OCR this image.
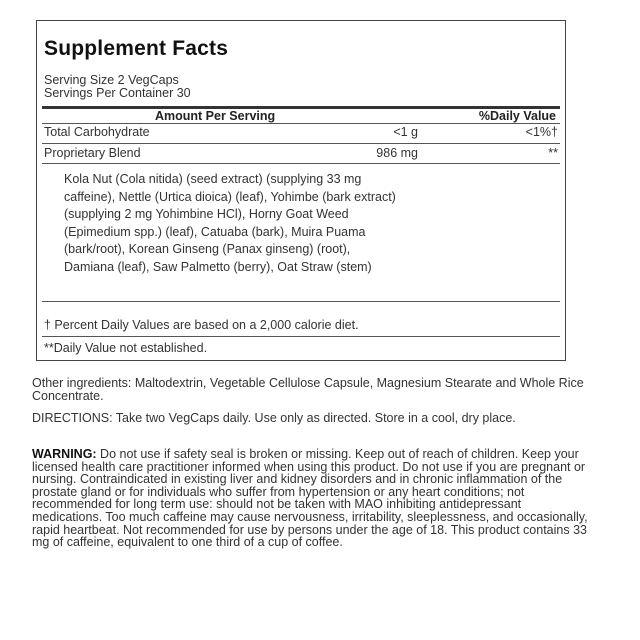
Supplement Facts
Serving Size 2 VegCaps
Servings Per Container 30
Amount Per Serving	%Daily Value
Total Carbohydrate	<1 g	<1%†
Proprietary Blend	986 mg	**
Kola Nut (Cola nitida) (seed extract) (supplying 33 mg caffeine), Nettle (Urtica dioica) (leaf), Yohimbe (bark extract) (supplying 2 mg Yohimbine HCl), Horny Goat Weed (Epimedium spp.) (leaf), Catuaba (bark), Muira Puama (bark/root), Korean Ginseng (Panax ginseng) (root), Damiana (leaf), Saw Palmetto (berry), Oat Straw (stem)
† Percent Daily Values are based on a 2,000 calorie diet.
**Daily Value not established.
Other ingredients: Maltodextrin, Vegetable Cellulose Capsule, Magnesium Stearate and Whole Rice Concentrate.
DIRECTIONS: Take two VegCaps daily. Use only as directed. Store in a cool, dry place.
WARNING: Do not use if safety seal is broken or missing. Keep out of reach of children. Keep your licensed health care practitioner informed when using this product. Do not use if you are pregnant or nursing. Contraindicated in existing liver and kidney disorders and in chronic inflammation of the prostate gland or for individuals who suffer from hypertension or any heart conditions; not recommended for long term use: should not be taken with MAO inhibiting antidepressant medications. Too much caffeine may cause nervousness, irritability, sleeplessness, and occasionally, rapid heartbeat. Not recommended for use by persons under the age of 18. This product contains 33 mg of caffeine, equivalent to one third of a cup of coffee.
